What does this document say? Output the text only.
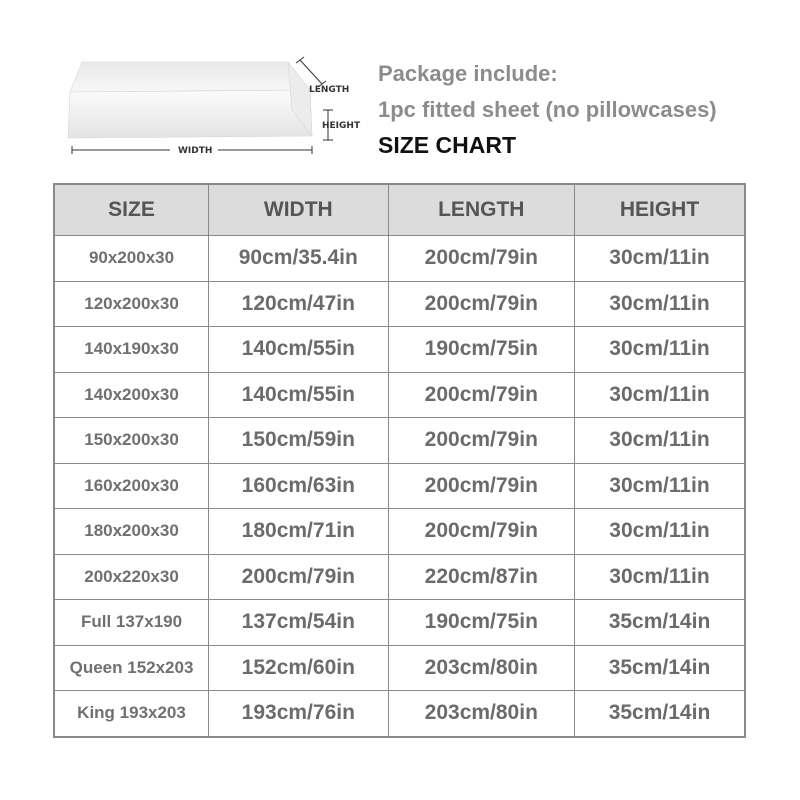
LENGTH
HEIGHT
WIDTH
Package include:
1pc fitted sheet (no pillowcases)
SIZE CHART
SIZE	WIDTH	LENGTH	HEIGHT
90x200x30	90cm/35.4in	200cm/79in	30cm/11in
120x200x30	120cm/47in	200cm/79in	30cm/11in
140x190x30	140cm/55in	190cm/75in	30cm/11in
140x200x30	140cm/55in	200cm/79in	30cm/11in
150x200x30	150cm/59in	200cm/79in	30cm/11in
160x200x30	160cm/63in	200cm/79in	30cm/11in
180x200x30	180cm/71in	200cm/79in	30cm/11in
200x220x30	200cm/79in	220cm/87in	30cm/11in
Full 137x190	137cm/54in	190cm/75in	35cm/14in
Queen 152x203	152cm/60in	203cm/80in	35cm/14in
King 193x203	193cm/76in	203cm/80in	35cm/14in
